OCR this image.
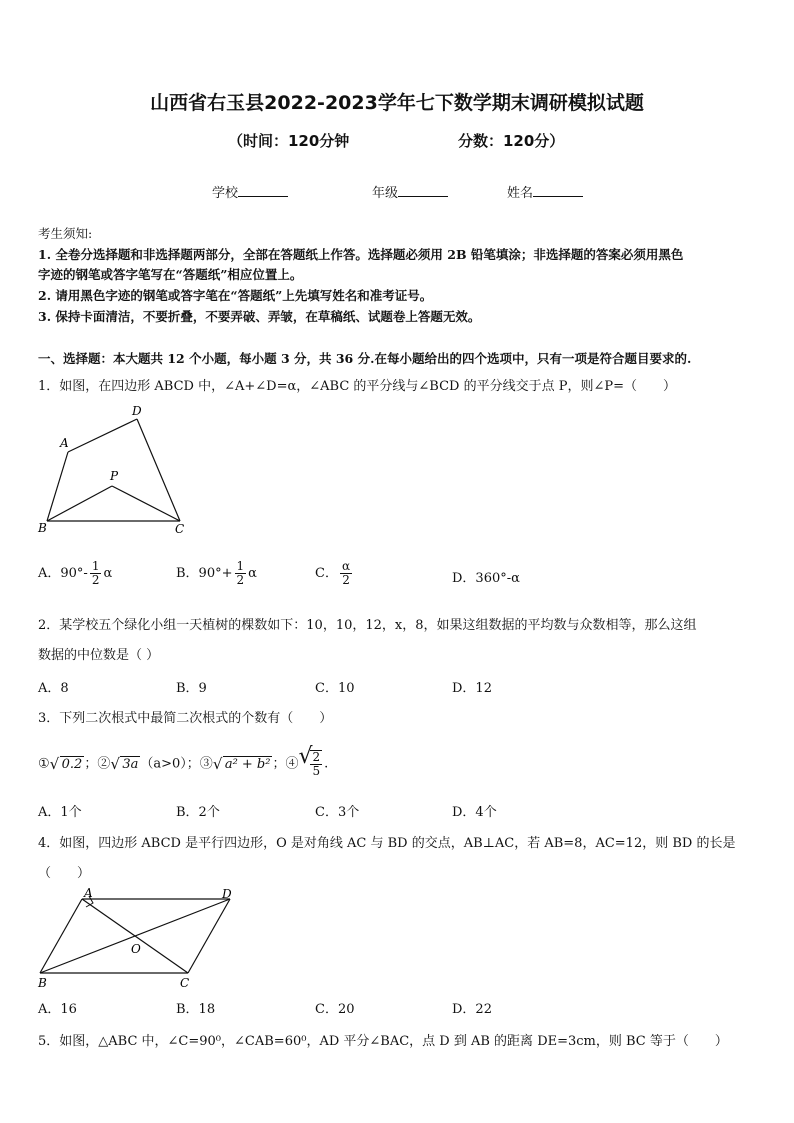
山西省右玉县2022-2023学年七下数学期末调研模拟试题
（时间：120分钟	分数：120分）
学校	年级	姓名
考生须知:
1. 全卷分选择题和非选择题两部分，全部在答题纸上作答。选择题必须用 2B 铅笔填涂；非选择题的答案必须用黑色
字迹的钢笔或答字笔写在“答题纸”相应位置上。
2. 请用黑色字迹的钢笔或答字笔在“答题纸”上先填写姓名和准考证号。
3. 保持卡面清洁，不要折叠，不要弄破、弄皱，在草稿纸、试题卷上答题无效。
一、选择题：本大题共 12 个小题，每小题 3 分，共 36 分.在每小题给出的四个选项中，只有一项是符合题目要求的.
1．如图，在四边形 ABCD 中，∠A+∠D=α，∠ABC 的平分线与∠BCD 的平分线交于点 P，则∠P=（　　）
A
B	C
D
P
A．$90^\circ- \frac{1}{2}$ α	B．$90^\circ+ \frac{1}{2}$ α	C． $\frac{\alpha}{2}$	D．360°-α
2．某学校五个绿化小组一天植树的棵数如下：10，10，12，x，8，如果这组数据的平均数与众数相等，那么这组
数据的中位数是（ ）
A．8	B．9	C．10	D．12
3．下列二次根式中最简二次根式的个数有（　　）
① √ 0.2 ；② √ 3a （a>0）；③ √ a² + b² ；④ √
$\frac{2}{5}$ .
A．1个	B．2个	C．3个	D．4个
4．如图，四边形 ABCD 是平行四边形，O 是对角线 AC 与 BD 的交点，AB⊥AC，若 AB=8，AC=12，则 BD 的长是
（　　）
A	D
O
B	C
A．16	B．18	C．20	D．22
5．如图，△ABC 中，∠C=90⁰，∠CAB=60⁰，AD 平分∠BAC，点 D 到 AB 的距离 DE=3cm，则 BC 等于（　　）
